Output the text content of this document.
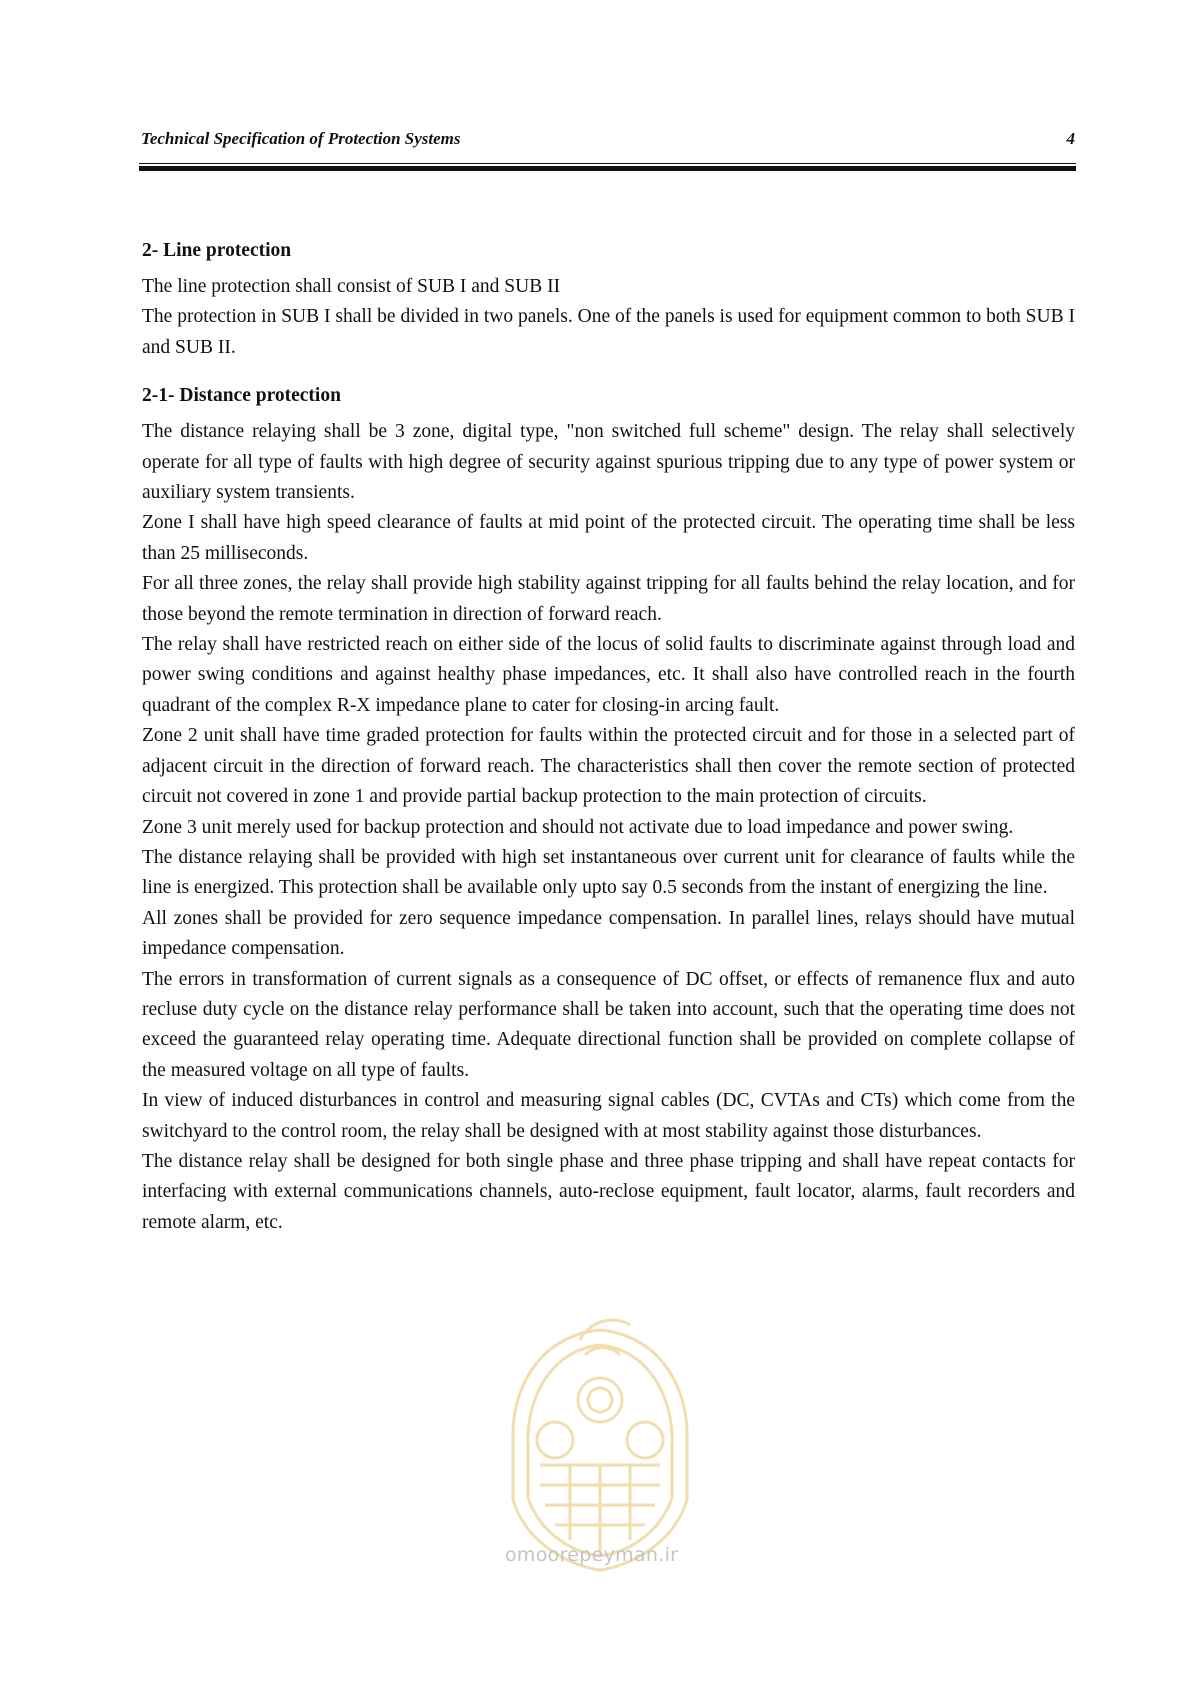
Technical Specification of Protection Systems	4
2- Line protection

The line protection shall consist of SUB I and SUB II

The protection in SUB I shall be divided in two panels. One of the panels is used for equipment common to both SUB I and SUB II.

2-1- Distance protection

The distance relaying shall be 3 zone, digital type, "non switched full scheme" design. The relay shall selectively operate for all type of faults with high degree of security against spurious tripping due to any type of power system or auxiliary system transients.

Zone I shall have high speed clearance of faults at mid point of the protected circuit. The operating time shall be less than 25 milliseconds.

For all three zones, the relay shall provide high stability against tripping for all faults behind the relay location, and for those beyond the remote termination in direction of forward reach.

The relay shall have restricted reach on either side of the locus of solid faults to discriminate against through load and power swing conditions and against healthy phase impedances, etc. It shall also have controlled reach in the fourth quadrant of the complex R-X impedance plane to cater for closing-in arcing fault.

Zone 2 unit shall have time graded protection for faults within the protected circuit and for those in a selected part of adjacent circuit in the direction of forward reach. The characteristics shall then cover the remote section of protected circuit not covered in zone 1 and provide partial backup protection to the main protection of circuits.

Zone 3 unit merely used for backup protection and should not activate due to load impedance and power swing.

The distance relaying shall be provided with high set instantaneous over current unit for clearance of faults while the line is energized. This protection shall be available only upto say 0.5 seconds from the instant of energizing the line.

All zones shall be provided for zero sequence impedance compensation. In parallel lines, relays should have mutual impedance compensation.

The errors in transformation of current signals as a consequence of DC offset, or effects of remanence flux and auto recluse duty cycle on the distance relay performance shall be taken into account, such that the operating time does not exceed the guaranteed relay operating time. Adequate directional function shall be provided on complete collapse of the measured voltage on all type of faults.

In view of induced disturbances in control and measuring signal cables (DC, CVTAs and CTs) which come from the switchyard to the control room, the relay shall be designed with at most stability against those disturbances.

The distance relay shall be designed for both single phase and three phase tripping and shall have repeat contacts for interfacing with external communications channels, auto-reclose equipment, fault locator, alarms, fault recorders and remote alarm, etc.

omoorepeyman.ir
